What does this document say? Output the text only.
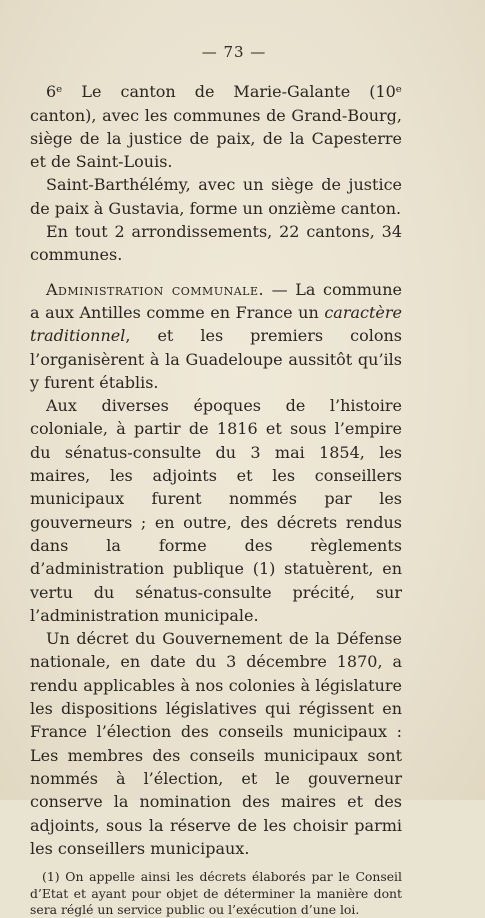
— 73 —

6ᵉ Le canton de Marie-Galante (10ᵉ canton), avec les communes de Grand-Bourg, siège de la justice de paix, de la Capesterre et de Saint-Louis.

Saint-Barthélémy, avec un siège de justice de paix à Gustavia, forme un onzième canton.

En tout 2 arrondissements, 22 cantons, 34 communes.

Administration communale. — La commune a aux Antilles comme en France un caractère traditionnel, et les premiers colons l’organisèrent à la Guadeloupe aussitôt qu’ils y furent établis.

Aux diverses époques de l’histoire coloniale, à partir de 1816 et sous l’empire du sénatus-consulte du 3 mai 1854, les maires, les adjoints et les conseillers municipaux furent nommés par les gouverneurs ; en outre, des décrets rendus dans la forme des règlements d’administration publique (1) statuèrent, en vertu du sénatus-consulte précité, sur l’administration municipale.

Un décret du Gouvernement de la Défense nationale, en date du 3 décembre 1870, a rendu applicables à nos colonies à législature les dispositions législatives qui régissent en France l’élection des conseils municipaux : Les membres des conseils municipaux sont nommés à l’élection, et le gouverneur conserve la nomination des maires et des adjoints, sous la réserve de les choisir parmi les conseillers municipaux.

(1) On appelle ainsi les décrets élaborés par le Conseil d’Etat et ayant pour objet de déterminer la manière dont sera réglé un service public ou l’exécution d’une loi.
